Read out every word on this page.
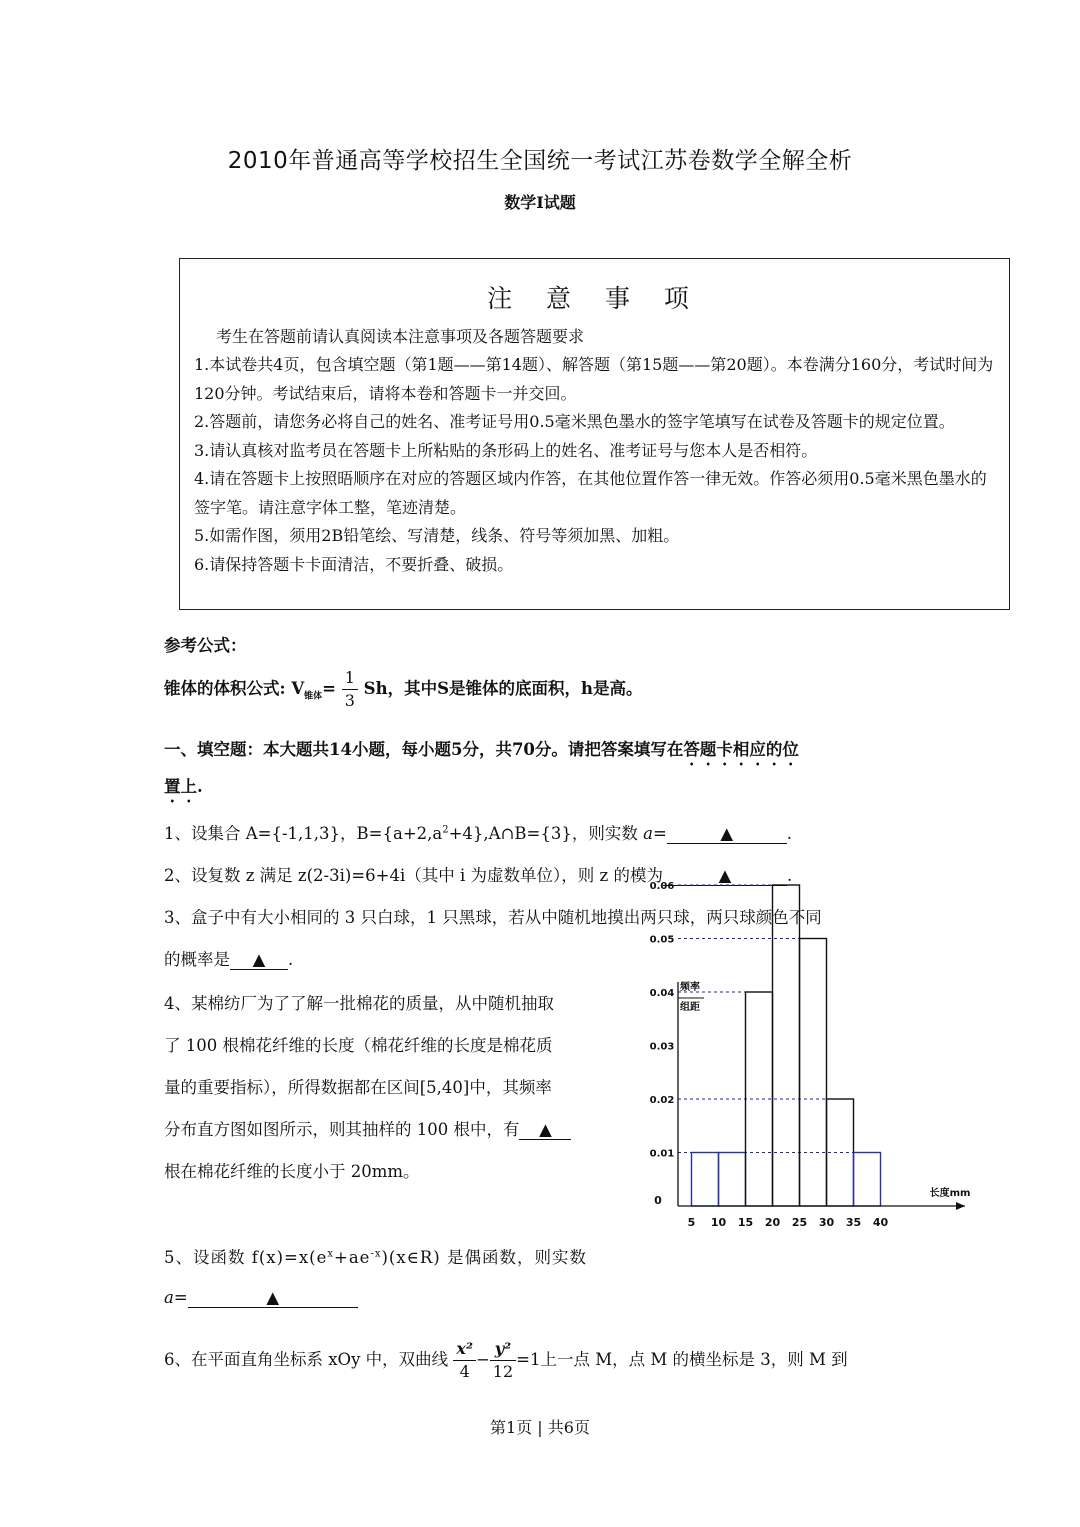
2010年普通高等学校招生全国统一考试江苏卷数学全解全析
数学Ⅰ试题
注 意 事 项
考生在答题前请认真阅读本注意事项及各题答题要求
1.本试卷共4页，包含填空题（第1题——第14题）、解答题（第15题——第20题）。本卷满分160分，考试时间为120分钟。考试结束后，请将本卷和答题卡一并交回。
2.答题前，请您务必将自己的姓名、准考证号用0.5毫米黑色墨水的签字笔填写在试卷及答题卡的规定位置。
3.请认真核对监考员在答题卡上所粘贴的条形码上的姓名、准考证号与您本人是否相符。
4.请在答题卡上按照晤顺序在对应的答题区域内作答，在其他位置作答一律无效。作答必须用0.5毫米黑色墨水的签字笔。请注意字体工整，笔迹清楚。
5.如需作图，须用2B铅笔绘、写清楚，线条、符号等须加黑、加粗。
6.请保持答题卡卡面清洁，不要折叠、破损。
参考公式：
锥体的体积公式: $V_{锥体}= \frac{1}{3}$ Sh，其中S是锥体的底面积，h是高。
一、填空题：本大题共14小题，每小题5分，共70分。请把答案填写在答题卡相应的位
置上.
1、设集合 A={-1,1,3}，$B=\{a+2,a^2+4\},A\cap B=\{3\}$，则实数 a=	▲	.
2、设复数 z 满足 z(2-3i)=6+4i（其中 i 为虚数单位），则 z 的模为	▲	.
3、盒子中有大小相同的 3 只白球，1 只黑球，若从中随机地摸出两只球，两只球颜色不同
的概率是 ▲ .
4、某棉纺厂为了了解一批棉花的质量，从中随机抽取
了 100 根棉花纤维的长度（棉花纤维的长度是棉花质
量的重要指标），所得数据都在区间[5,40]中，其频率
分布直方图如图所示，则其抽样的 100 根中，有 ▲
根在棉花纤维的长度小于 20mm。
0.01
0.02
0.03
0.04
0.05
0.06
5 10 15 20 25 30 35 40
0
频率
组距
长度mm
5、设函数 $f(x)=x(e^x+ae^{-x})(x\in R)$ 是偶函数，则实数
a=	▲
6、在平面直角坐标系 xOy 中，双曲线 $\frac{\text{x²}}{4} - \frac{\text{y²}}{12} =1$上一点 M，点 M 的横坐标是 3，则 M 到
第1页 | 共6页
